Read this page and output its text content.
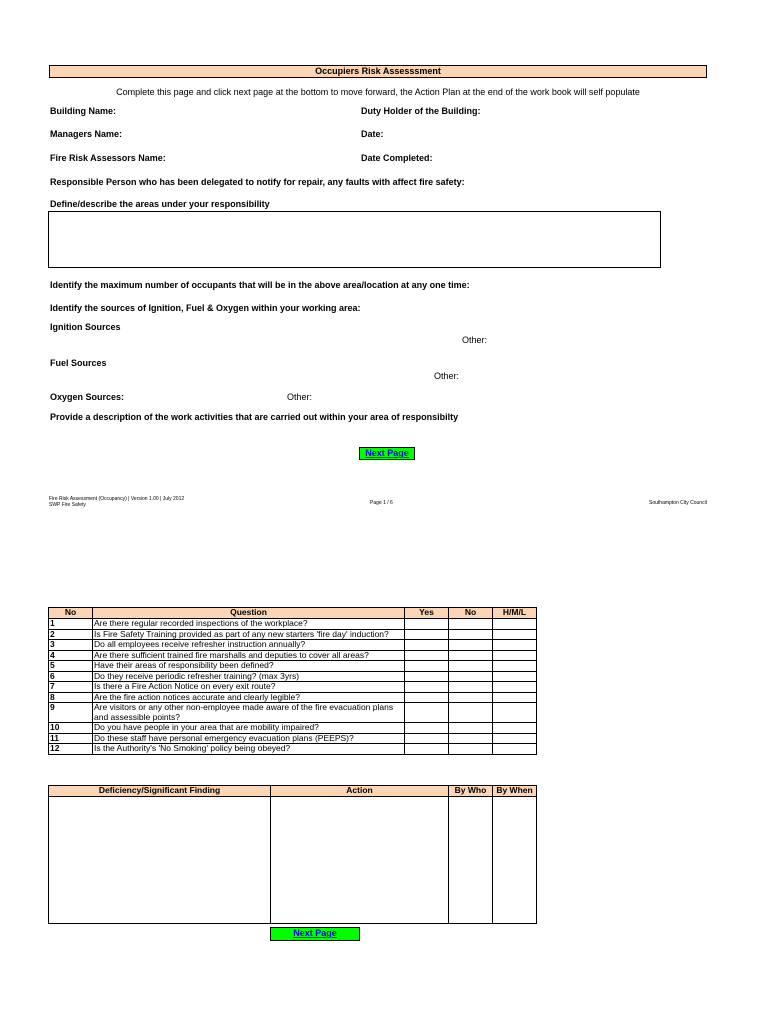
Occupiers Risk Assesssment
Complete this page and click next page at the bottom to move forward, the Action Plan at the end of the work book will self populate
Building Name:	Duty Holder of the Building:
Managers Name:	Date:
Fire Risk Assessors Name:	Date Completed:
Responsible Person who has been delegated to notify for repair, any faults with affect fire safety:
Define/describe the areas under your responsibility
Identify the maximum number of occupants that will be in the above area/location at any one time:
Identify the sources of Ignition, Fuel & Oxygen within your working area:
Ignition Sources
Other:
Fuel Sources
Other:
Oxygen Sources:	Other:
Provide a description of the work activities that are carried out within your area of responsibilty
Next Page
Fire Risk Assessment (Occupancy) | Version 1.00 | July 2012
SWP Fire Safety	Page 1 / 6	Southampton City Council
No	Question	Yes	No	H/M/L
1	Are there regular recorded inspections of the workplace?			
2	Is Fire Safety Training provided as part of any new starters 'fire day' induction?			
3	Do all employees receive refresher instruction annually?			
4	Are there sufficient trained fire marshalls and deputies to cover all areas?			
5	Have their areas of responsibility been defined?			
6	Do they receive periodic refresher training? (max 3yrs)			
7	Is there a Fire Action Notice on every exit route?			
8	Are the fire action notices accurate and clearly legible?			
9	Are visitors or any other non-employee made aware of the fire evacuation plans and assessible points?			
10	Do you have people in your area that are mobility impaired?			
11	Do these staff have personal emergency evacuation plans (PEEPS)?			
12	Is the Authority's 'No Smoking' policy being obeyed?			
Deficiency/Significant Finding	Action	By Who	By When

Next Page
